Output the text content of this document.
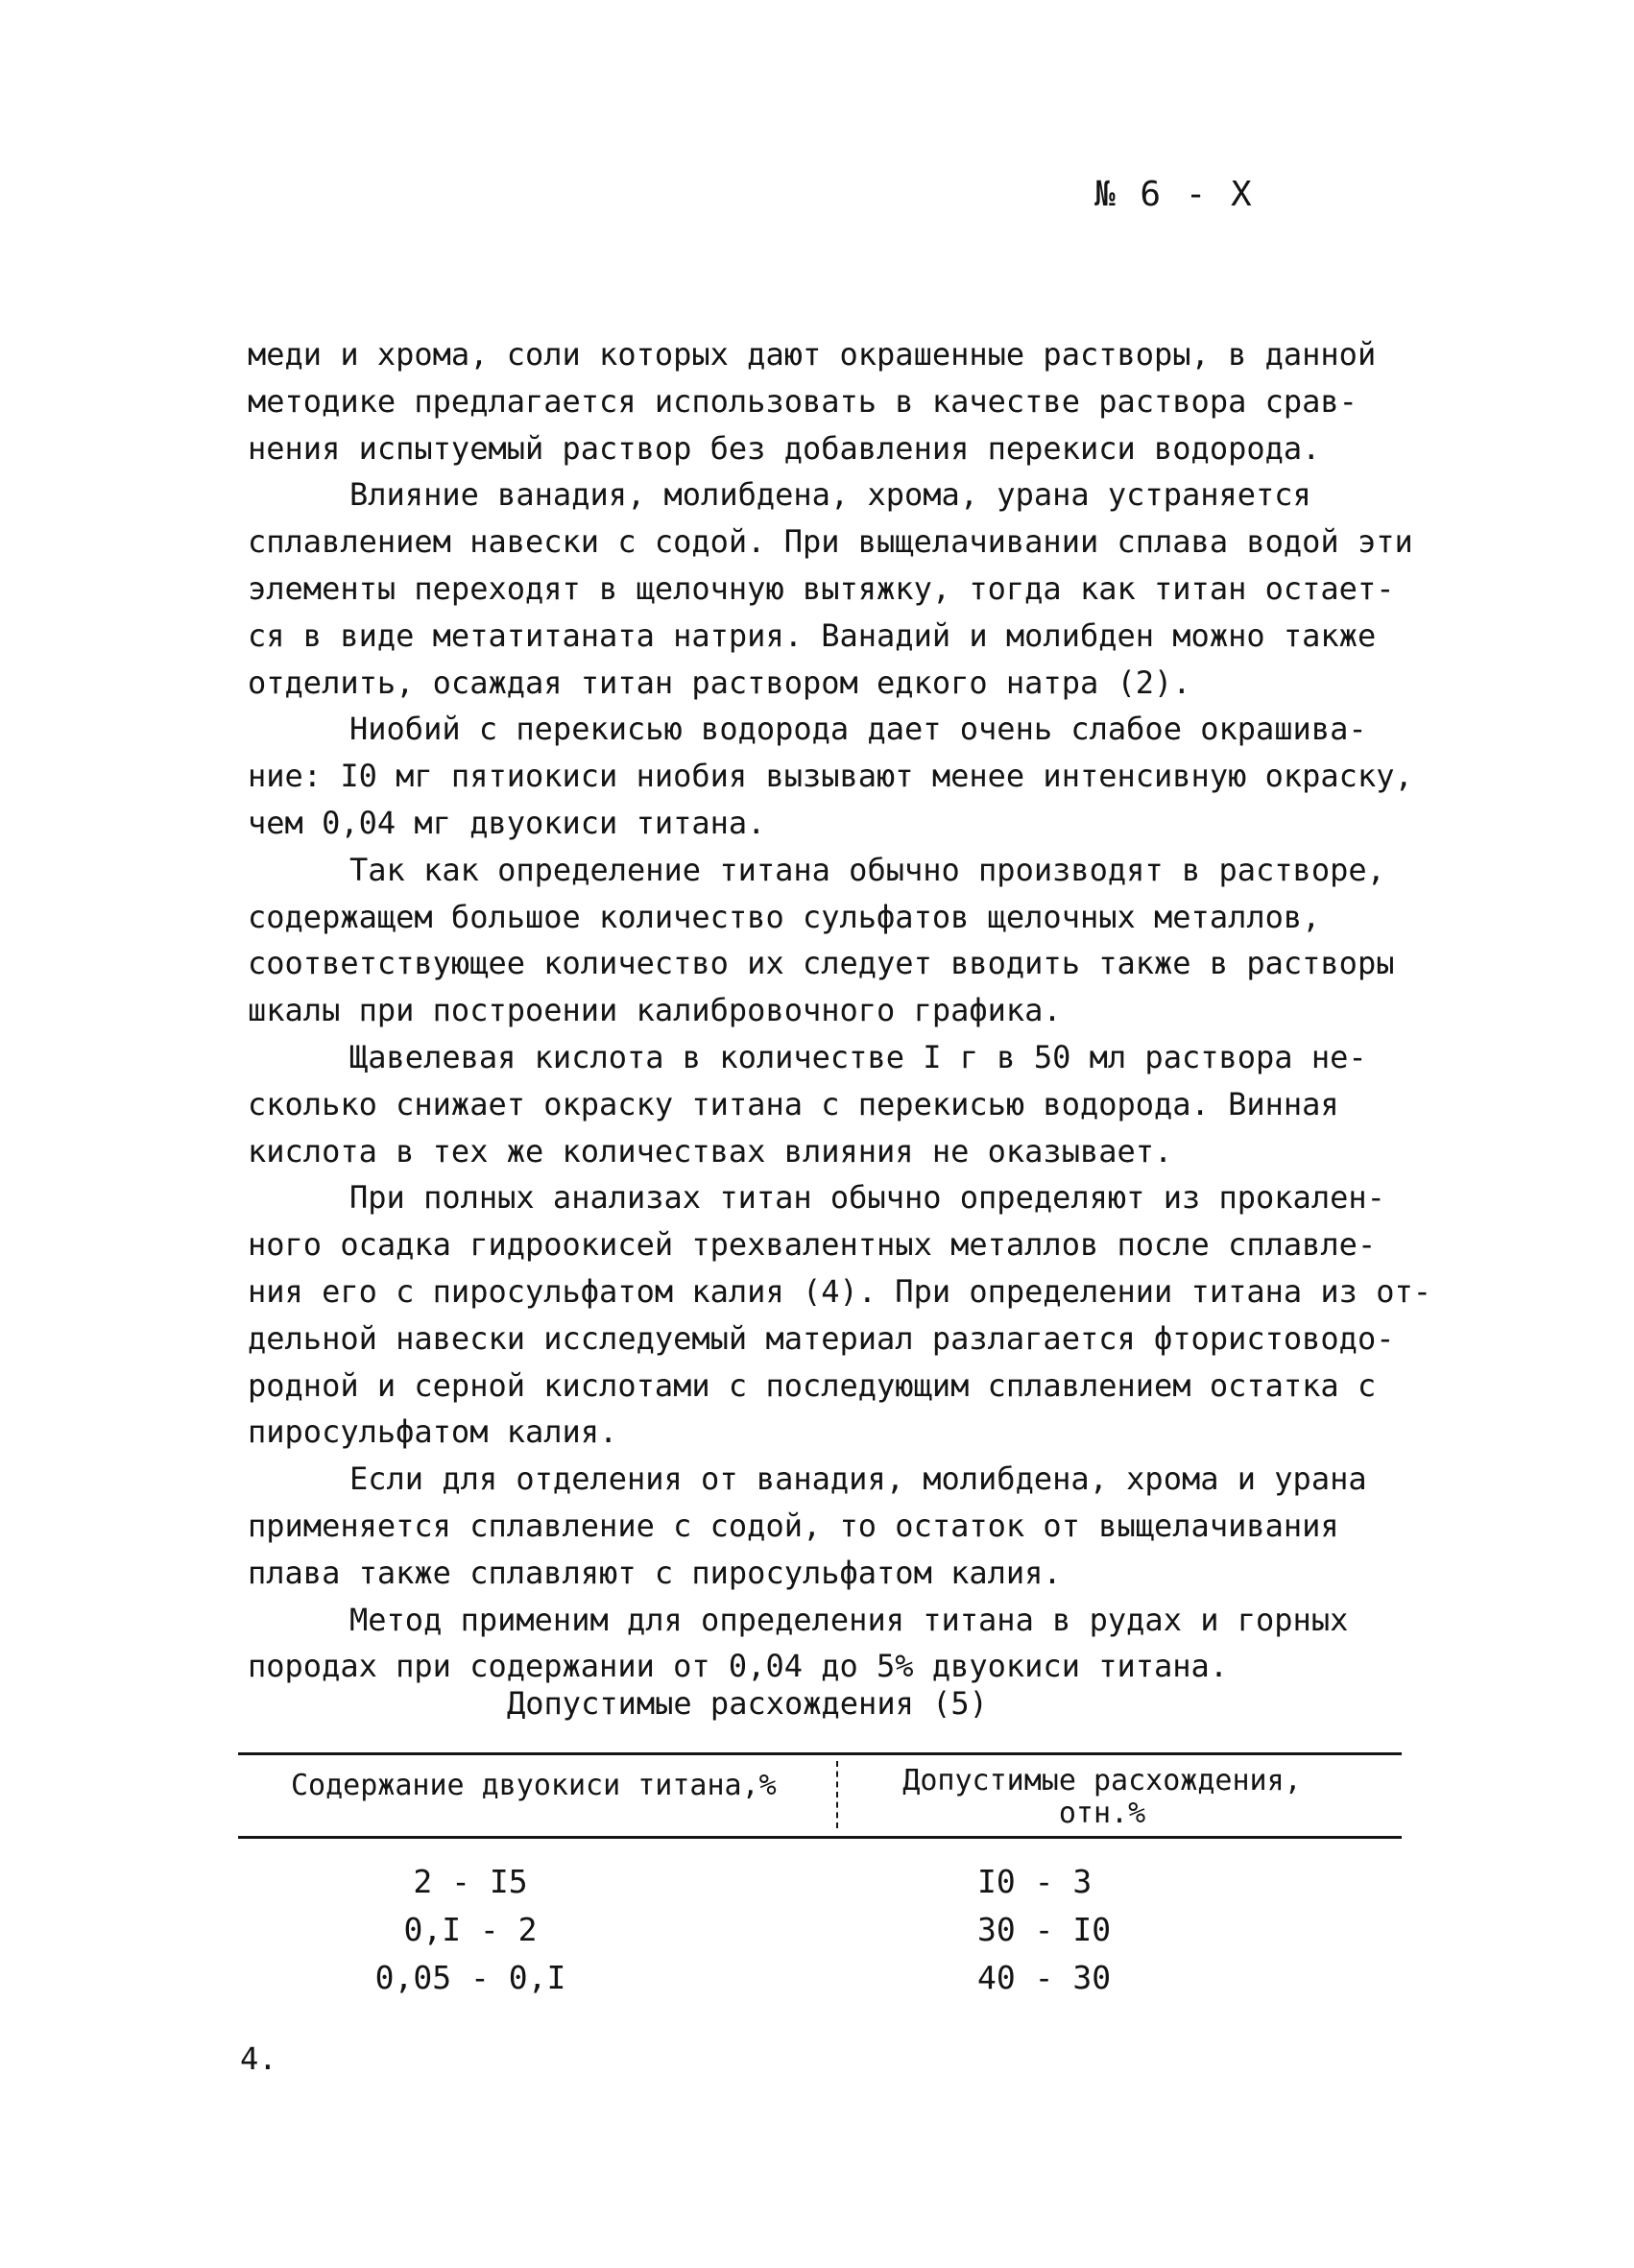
№ 6 - X
меди и хрома, соли которых дают окрашенные растворы, в данной
методике предлагается использовать в качестве раствора срав-
нения испытуемый раствор без добавления перекиси водорода.
Влияние ванадия, молибдена, хрома, урана устраняется
сплавлением навески с содой. При выщелачивании сплава водой эти
элементы переходят в щелочную вытяжку, тогда как титан остает-
ся в виде метатитаната натрия. Ванадий и молибден можно также
отделить, осаждая титан раствором едкого натра (2).
Ниобий с перекисью водорода дает очень слабое окрашива-
ние: I0 мг пятиокиси ниобия вызывают менее интенсивную окраску,
чем 0,04 мг двуокиси титана.
Так как определение титана обычно производят в растворе,
содержащем большое количество сульфатов щелочных металлов,
соответствующее количество их следует вводить также в растворы
шкалы при построении калибровочного графика.
Щавелевая кислота в количестве I г в 50 мл раствора не-
сколько снижает окраску титана с перекисью водорода. Винная
кислота в тех же количествах влияния не оказывает.
При полных анализах титан обычно определяют из прокален-
ного осадка гидроокисей трехвалентных металлов после сплавле-
ния его с пиросульфатом калия (4). При определении титана из от-
дельной навески исследуемый материал разлагается фтористоводо-
родной и серной кислотами с последующим сплавлением остатка с
пиросульфатом калия.
Если для отделения от ванадия, молибдена, хрома и урана
применяется сплавление с содой, то остаток от выщелачивания
плава также сплавляют с пиросульфатом калия.
Метод применим для определения титана в рудах и горных
породах при содержании от 0,04 до 5% двуокиси титана.
Допустимые расхождения (5)
Содержание двуокиси титана,%	Допустимые расхождения,
отн.%
2 - I5	I0 - 3
0,I - 2	30 - I0
0,05 - 0,I	40 - 30
4.
